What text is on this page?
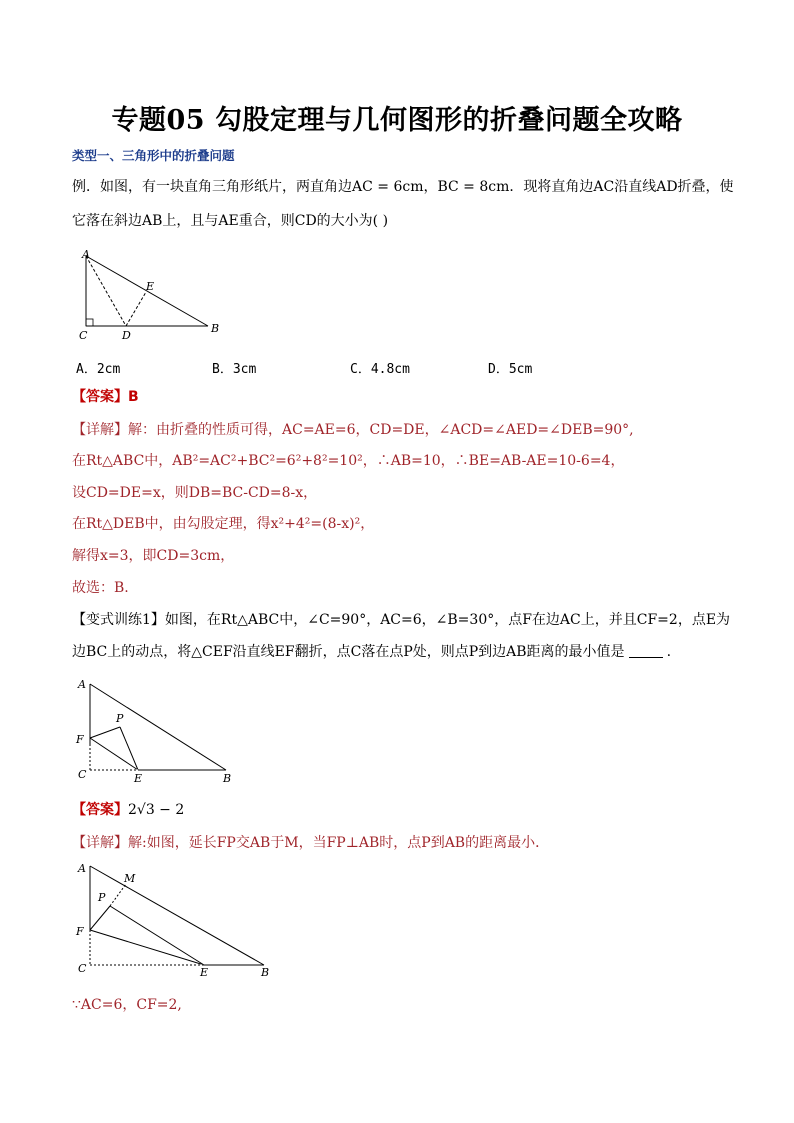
专题05 勾股定理与几何图形的折叠问题全攻略
类型一、三角形中的折叠问题
例．如图，有一块直角三角形纸片，两直角边AC = 6cm，BC = 8cm．现将直角边AC沿直线AD折叠，使
它落在斜边AB上，且与AE重合，则CD的大小为( )
A
E
C	D
B
A．2cm	B．3cm	C．4.8cm	D．5cm
【答案】B
【详解】解：由折叠的性质可得，AC=AE=6，CD=DE，∠ACD=∠AED=∠DEB=90°,
在Rt△ABC中，AB²=AC²+BC²=6²+8²=10²，∴AB=10，∴BE=AB-AE=10-6=4，
设CD=DE=x，则DB=BC-CD=8-x，
在Rt△DEB中，由勾股定理，得x²+4²=(8-x)²，
解得x=3，即CD=3cm，
故选：B.
【变式训练1】如图，在Rt△ABC中，∠C=90°，AC=6，∠B=30°，点F在边AC上，并且CF=2，点E为
边BC上的动点，将△CEF沿直线EF翻折，点C落在点P处，则点P到边AB距离的最小值是	.
A
P
F
C	E	B
【答案】2√3 − 2
【详解】解:如图，延长FP交AB于M，当FP⊥AB时，点P到AB的距离最小．
A
M
P
F
C	E	B
∵AC=6，CF=2,
